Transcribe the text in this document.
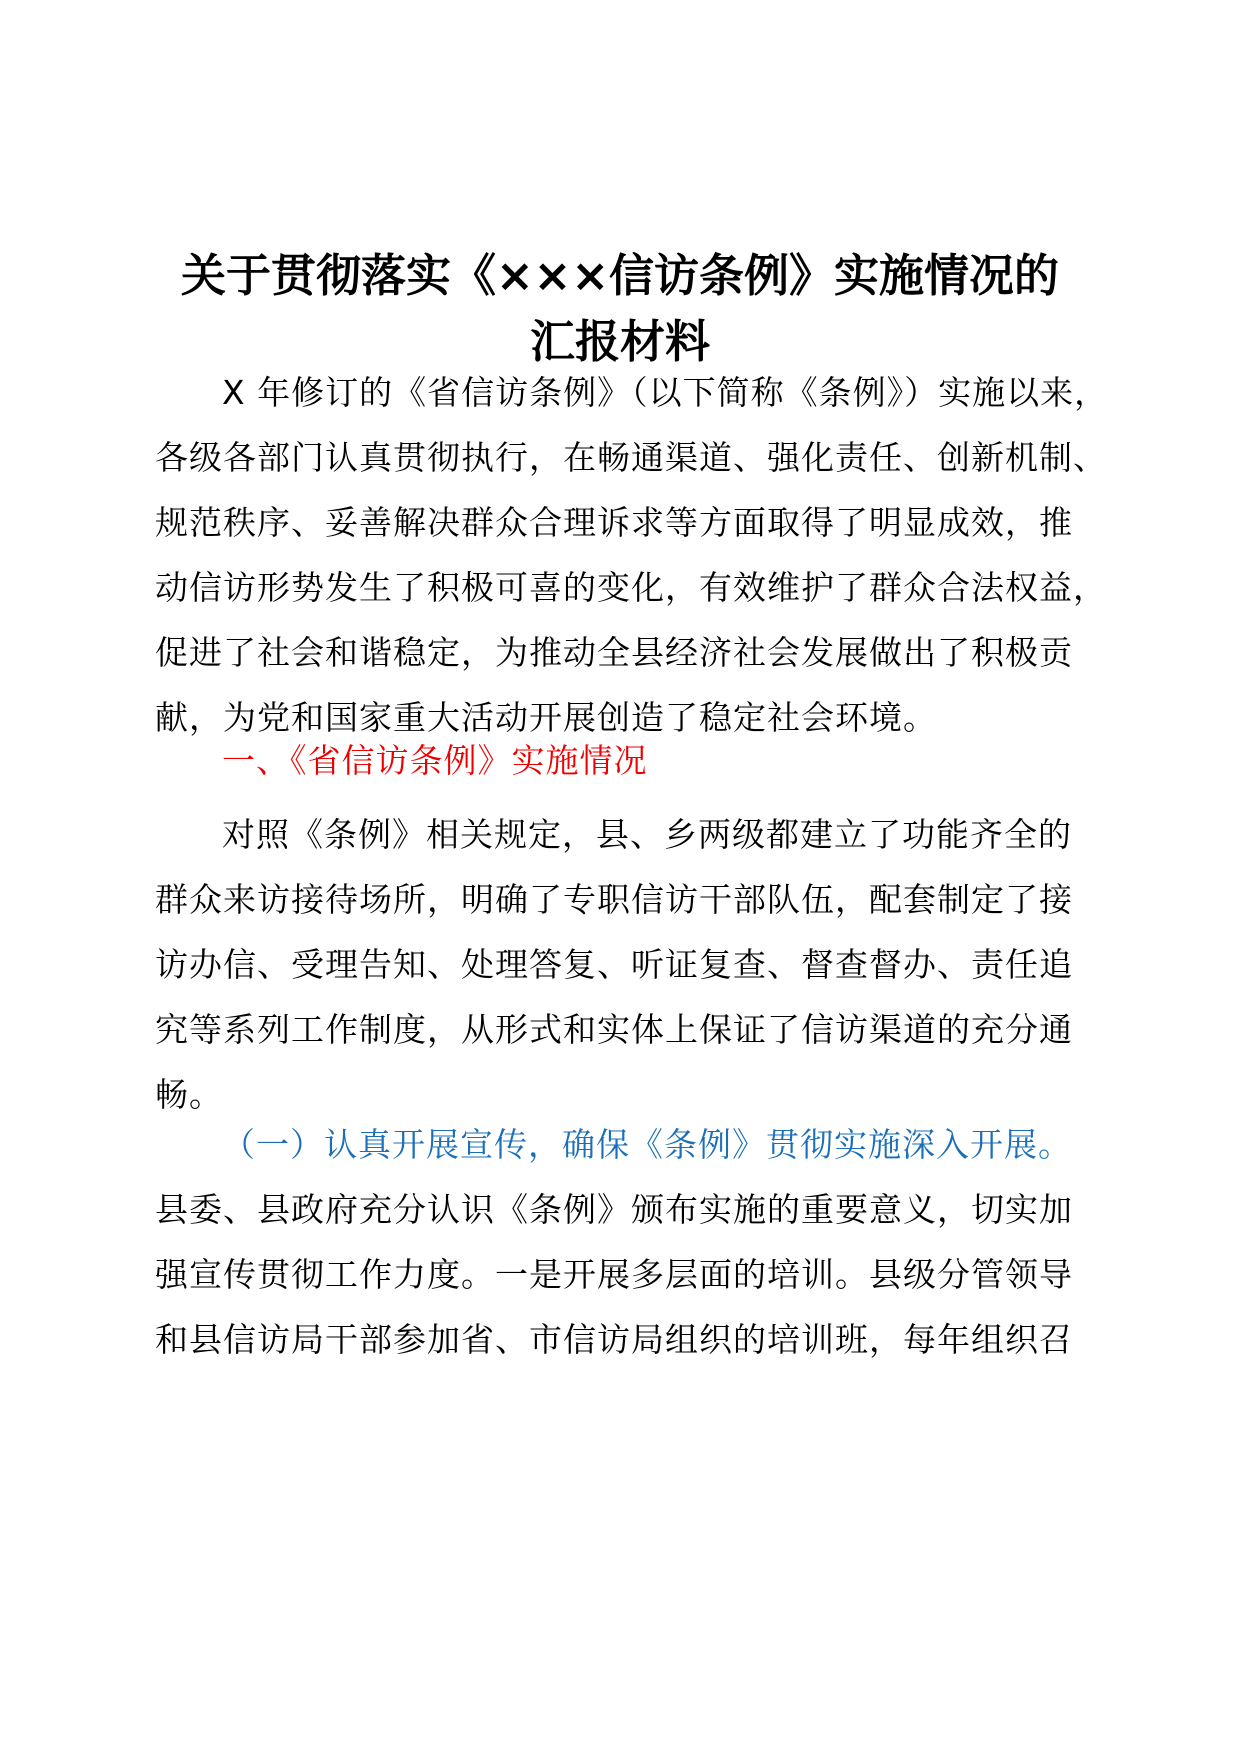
关于贯彻落实《×××信访条例》实施情况的
汇报材料
X 年修订的《省信访条例》（以下简称《条例》）实施以来，
各级各部门认真贯彻执行，在畅通渠道、强化责任、创新机制、
规范秩序、妥善解决群众合理诉求等方面取得了明显成效，推
动信访形势发生了积极可喜的变化，有效维护了群众合法权益，
促进了社会和谐稳定，为推动全县经济社会发展做出了积极贡
献，为党和国家重大活动开展创造了稳定社会环境。
一、《省信访条例》实施情况
对照《条例》相关规定，县、乡两级都建立了功能齐全的
群众来访接待场所，明确了专职信访干部队伍，配套制定了接
访办信、受理告知、处理答复、听证复查、督查督办、责任追
究等系列工作制度，从形式和实体上保证了信访渠道的充分通
畅。
（一）认真开展宣传，确保《条例》贯彻实施深入开展。
县委、县政府充分认识《条例》颁布实施的重要意义，切实加
强宣传贯彻工作力度。一是开展多层面的培训。县级分管领导
和县信访局干部参加省、市信访局组织的培训班，每年组织召
